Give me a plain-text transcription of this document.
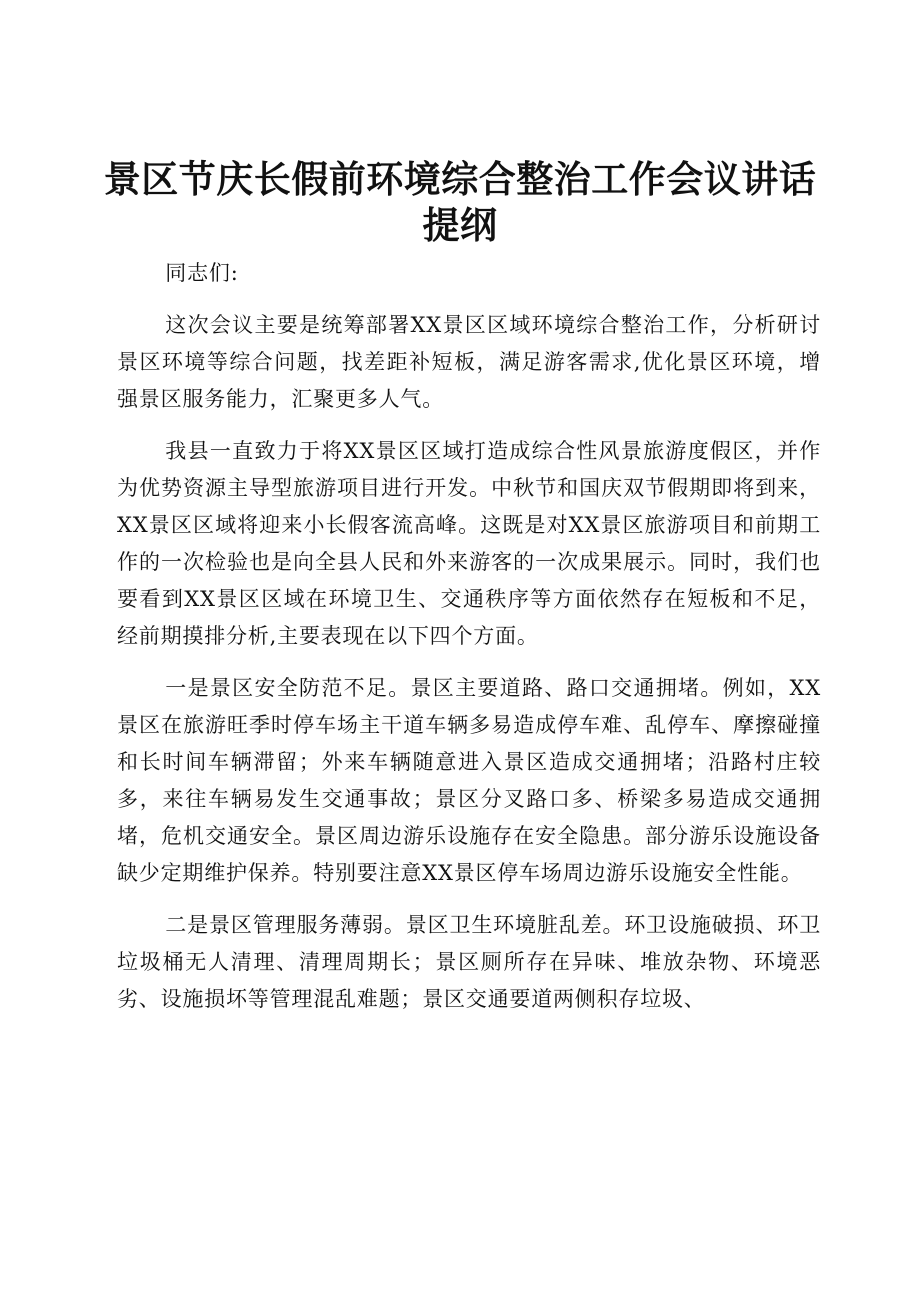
景区节庆长假前环境综合整治工作会议讲话提纲

同志们:

这次会议主要是统筹部署XX景区区域环境综合整治工作，分析研讨景区环境等综合问题，找差距补短板，满足游客需求,优化景区环境，增强景区服务能力，汇聚更多人气。

我县一直致力于将XX景区区域打造成综合性风景旅游度假区，并作为优势资源主导型旅游项目进行开发。中秋节和国庆双节假期即将到来，XX景区区域将迎来小长假客流高峰。这既是对XX景区旅游项目和前期工作的一次检验也是向全县人民和外来游客的一次成果展示。同时，我们也要看到XX景区区域在环境卫生、交通秩序等方面依然存在短板和不足，经前期摸排分析,主要表现在以下四个方面。

一是景区安全防范不足。景区主要道路、路口交通拥堵。例如，XX景区在旅游旺季时停车场主干道车辆多易造成停车难、乱停车、摩擦碰撞和长时间车辆滞留；外来车辆随意进入景区造成交通拥堵；沿路村庄较多，来往车辆易发生交通事故；景区分叉路口多、桥梁多易造成交通拥堵，危机交通安全。景区周边游乐设施存在安全隐患。部分游乐设施设备缺少定期维护保养。特别要注意XX景区停车场周边游乐设施安全性能。

二是景区管理服务薄弱。景区卫生环境脏乱差。环卫设施破损、环卫垃圾桶无人清理、清理周期长；景区厕所存在异味、堆放杂物、环境恶劣、设施损坏等管理混乱难题；景区交通要道两侧积存垃圾、
